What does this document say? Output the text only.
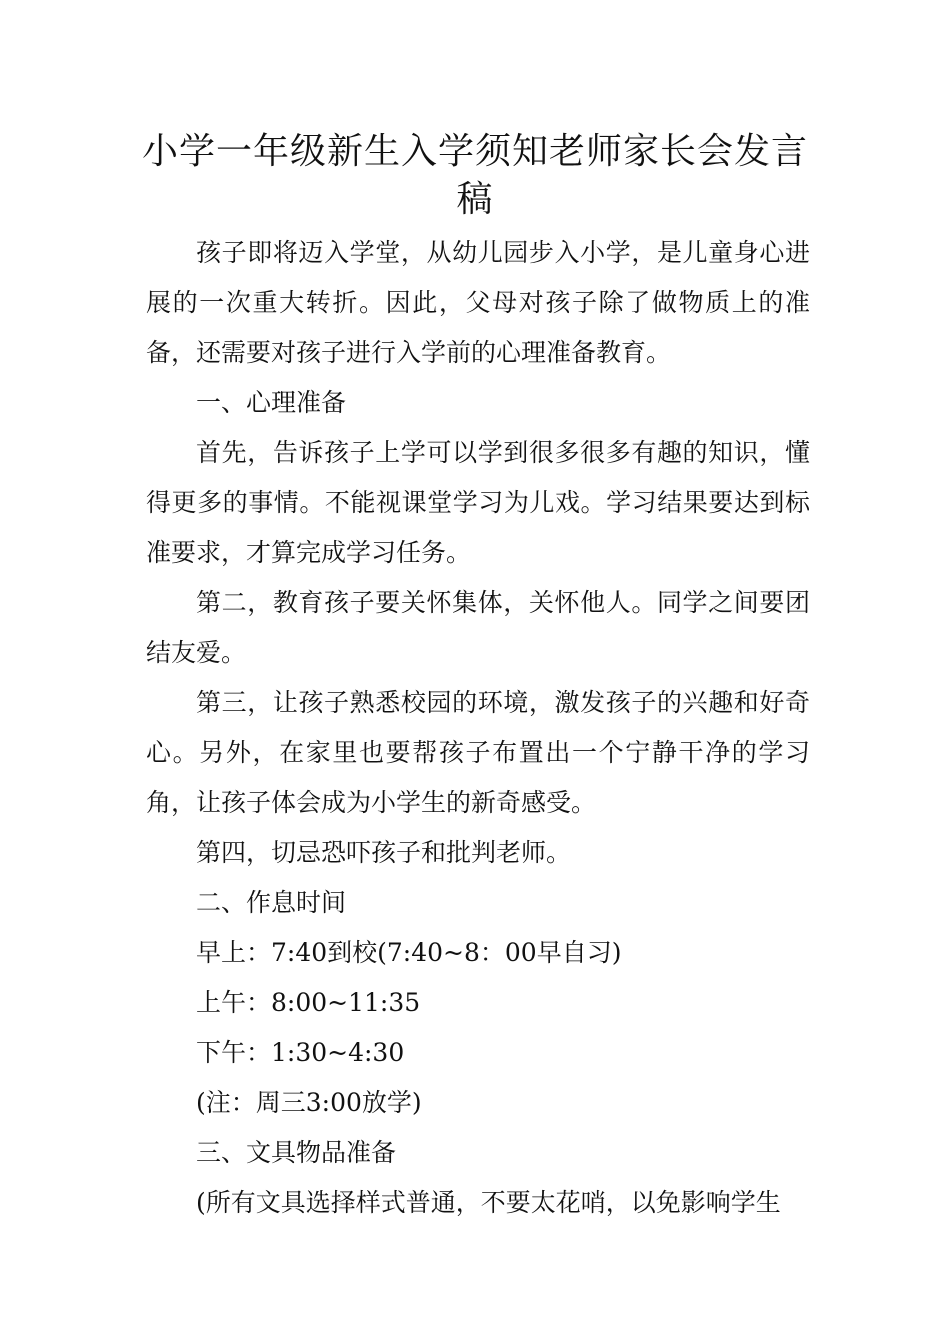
小学一年级新生入学须知老师家长会发言
稿

孩子即将迈入学堂，从幼儿园步入小学，是儿童身心进展的一次重大转折。因此，父母对孩子除了做物质上的准备，还需要对孩子进行入学前的心理准备教育。

一、心理准备

首先，告诉孩子上学可以学到很多很多有趣的知识，懂得更多的事情。不能视课堂学习为儿戏。学习结果要达到标准要求，才算完成学习任务。

第二，教育孩子要关怀集体，关怀他人。同学之间要团结友爱。

第三，让孩子熟悉校园的环境，激发孩子的兴趣和好奇心。另外，在家里也要帮孩子布置出一个宁静干净的学习角，让孩子体会成为小学生的新奇感受。

第四，切忌恐吓孩子和批判老师。

二、作息时间

早上：7:40到校(7:40~8：00早自习)

上午：8:00~11:35

下午：1:30~4:30

(注：周三3:00放学)

三、文具物品准备

(所有文具选择样式普通，不要太花哨，以免影响学生
